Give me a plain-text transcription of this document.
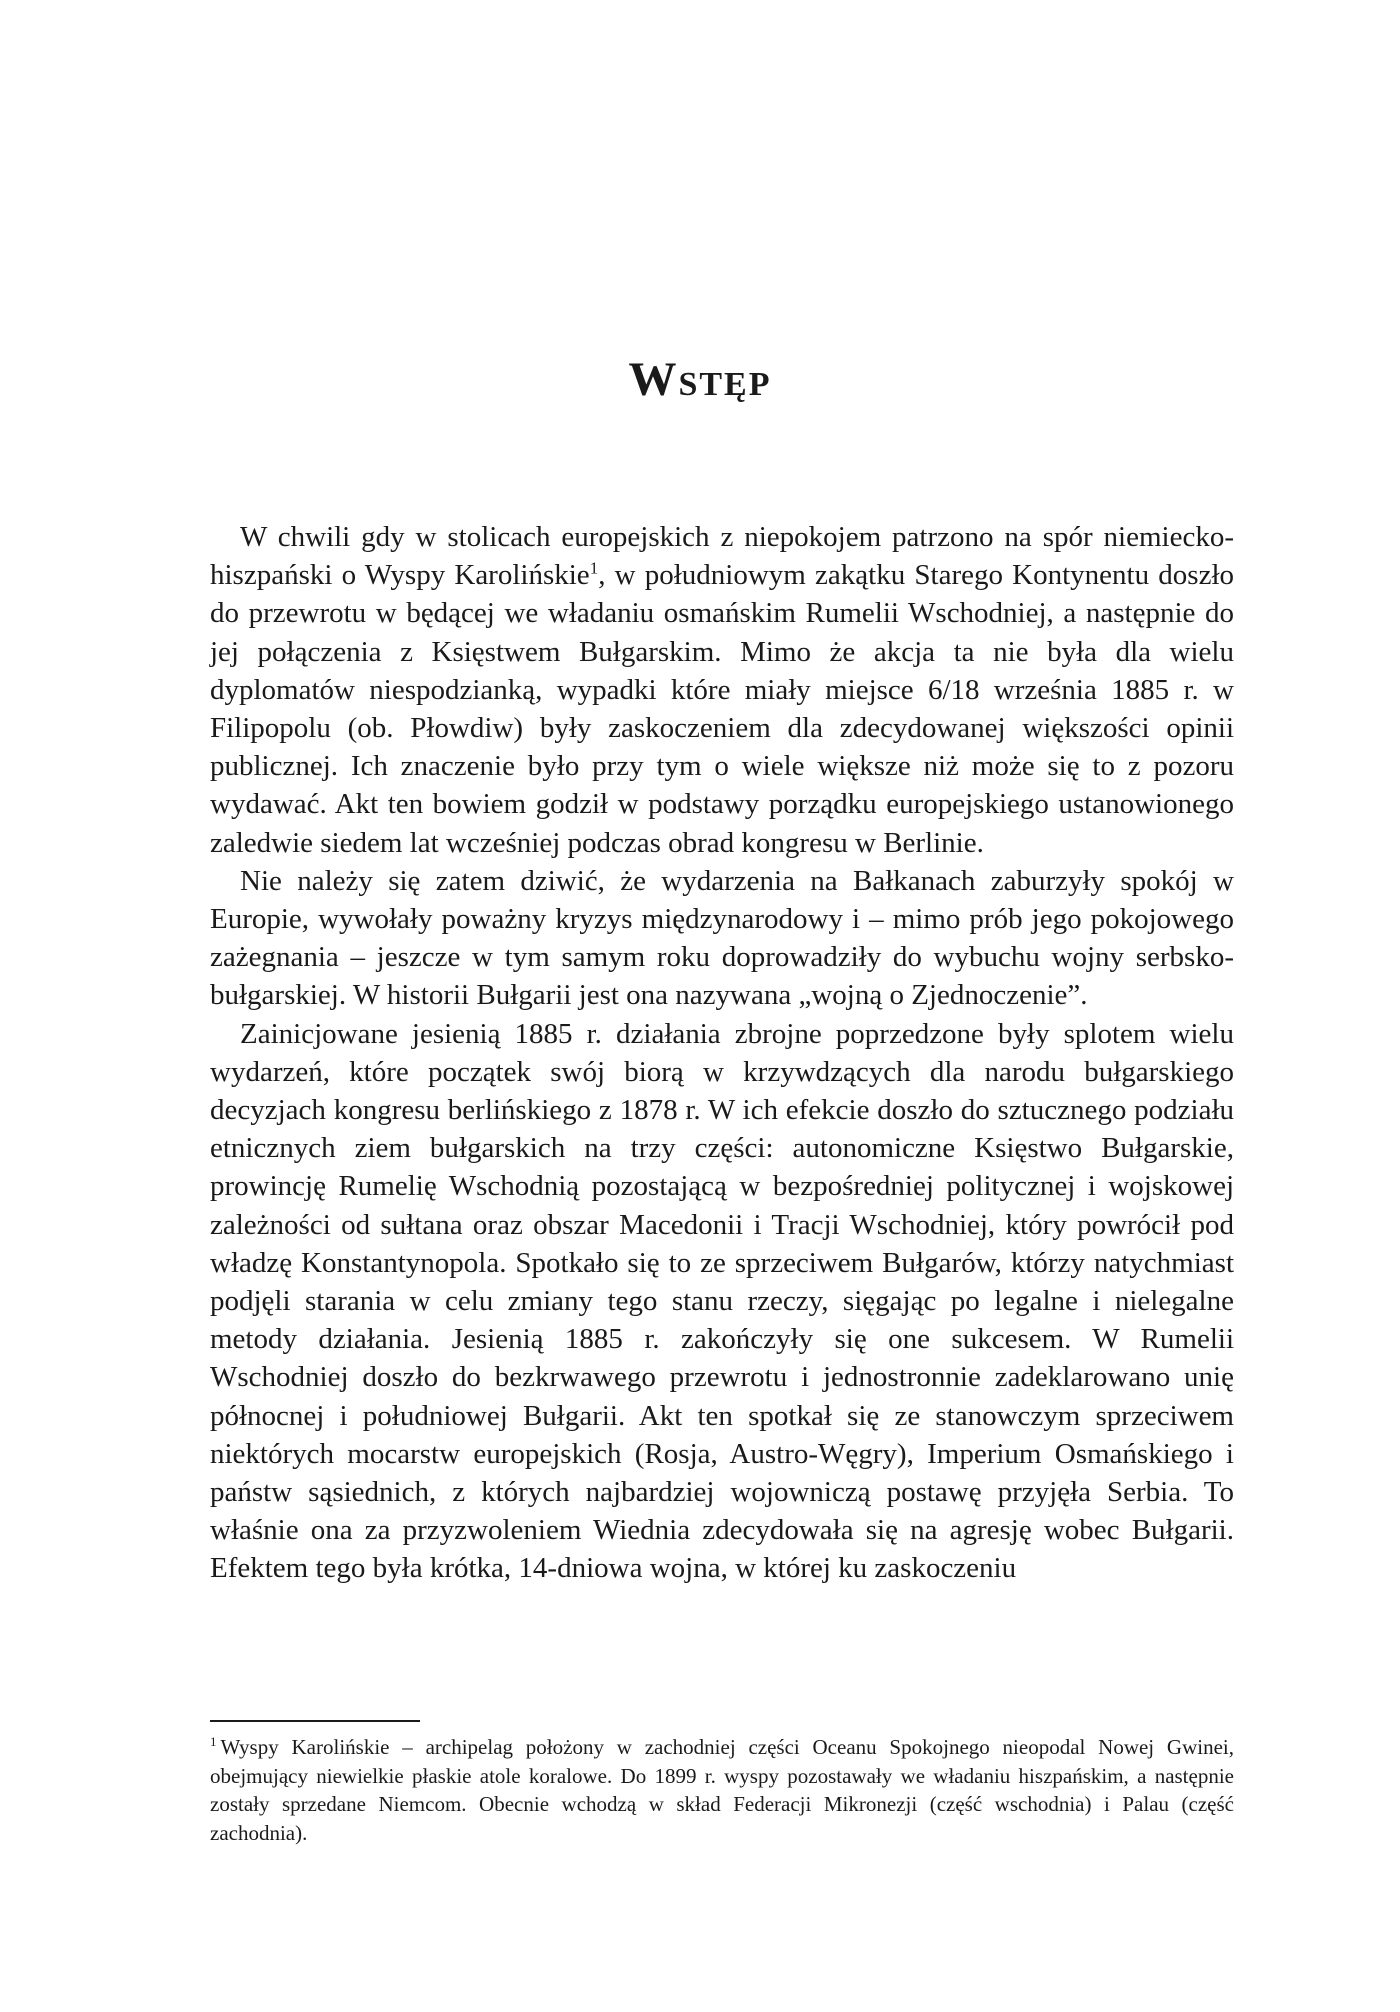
Wstęp

W chwili gdy w stolicach europejskich z niepokojem patrzono na spór niemiecko-hiszpański o Wyspy Karolińskie$^1$, w południowym zakątku Starego Kontynentu doszło do przewrotu w będącej we władaniu osmańskim Rumelii Wschodniej, a następnie do jej połączenia z Księstwem Bułgarskim. Mimo że akcja ta nie była dla wielu dyplomatów niespodzianką, wypadki które miały miejsce 6/18 września 1885 r. w Filipopolu (ob. Płowdiw) były zaskoczeniem dla zdecydowanej większości opinii publicznej. Ich znaczenie było przy tym o wiele większe niż może się to z pozoru wydawać. Akt ten bowiem godził w podstawy porządku europejskiego ustanowionego zaledwie siedem lat wcześniej podczas obrad kongresu w Berlinie.

Nie należy się zatem dziwić, że wydarzenia na Bałkanach zaburzyły spokój w Europie, wywołały poważny kryzys międzynarodowy i – mimo prób jego pokojowego zażegnania – jeszcze w tym samym roku doprowadziły do wybuchu wojny serbsko-bułgarskiej. W historii Bułgarii jest ona nazywana „wojną o Zjednoczenie”.

Zainicjowane jesienią 1885 r. działania zbrojne poprzedzone były splotem wielu wydarzeń, które początek swój biorą w krzywdzących dla narodu bułgarskiego decyzjach kongresu berlińskiego z 1878 r. W ich efekcie doszło do sztucznego podziału etnicznych ziem bułgarskich na trzy części: autonomiczne Księstwo Bułgarskie, prowincję Rumelię Wschodnią pozostającą w bezpośredniej politycznej i wojskowej zależności od sułtana oraz obszar Macedonii i Tracji Wschodniej, który powrócił pod władzę Konstantynopola. Spotkało się to ze sprzeciwem Bułgarów, którzy natychmiast podjęli starania w celu zmiany tego stanu rzeczy, sięgając po legalne i nielegalne metody działania. Jesienią 1885 r. zakończyły się one sukcesem. W Rumelii Wschodniej doszło do bezkrwawego przewrotu i jednostronnie zadeklarowano unię północnej i południowej Bułgarii. Akt ten spotkał się ze stanowczym sprzeciwem niektórych mocarstw europejskich (Rosja, Austro-Węgry), Imperium Osmańskiego i państw sąsiednich, z których najbardziej wojowniczą postawę przyjęła Serbia. To właśnie ona za przyzwoleniem Wiednia zdecydowała się na agresję wobec Bułgarii. Efektem tego była krótka, 14-dniowa wojna, w której ku zaskoczeniu

$^1$ Wyspy Karolińskie – archipelag położony w zachodniej części Oceanu Spokojnego nieopodal Nowej Gwinei, obejmujący niewielkie płaskie atole koralowe. Do 1899 r. wyspy pozostawały we władaniu hiszpańskim, a następnie zostały sprzedane Niemcom. Obecnie wchodzą w skład Federacji Mikronezji (część wschodnia) i Palau (część zachodnia).
